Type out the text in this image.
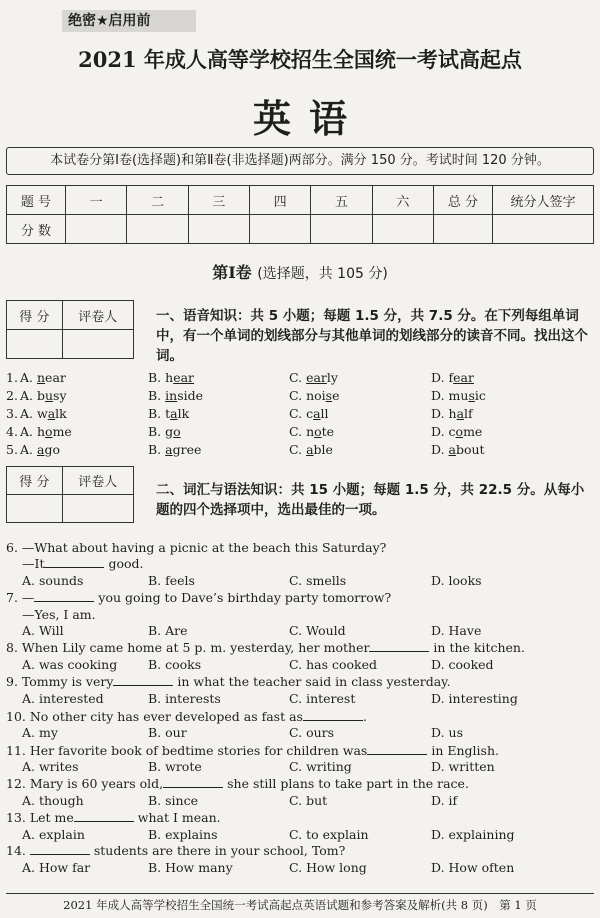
绝密★启用前
2021 年成人高等学校招生全国统一考试高起点
英语
本试卷分第Ⅰ卷(选择题)和第Ⅱ卷(非选择题)两部分。满分 150 分。考试时间 120 分钟。
题 号	一	二	三	四	五	六	总 分	统分人签字
分 数								
第Ⅰ卷 (选择题，共 105 分)
得 分	评卷人
		一、语音知识：共 5 小题；每题 1.5 分，共 7.5 分。在下列每组单词中，有一个单词的划线部分与其他单词的划线部分的读音不同。找出这个词。
1. A. near	B. hear	C. early	D. fear
2. A. busy	B. inside	C. noise	D. music
3. A. walk	B. talk	C. call	D. half
4. A. home	B. go	C. note	D. come
5. A. ago	B. agree	C. able	D. about
得 分	评卷人
		二、词汇与语法知识：共 15 小题；每题 1.5 分，共 22.5 分。从每小题的四个选择项中，选出最佳的一项。
6. —What about having a picnic at the beach this Saturday?
—It	good.
A. sounds	B. feels	C. smells	D. looks
7. —	you going to Dave’s birthday party tomorrow?
—Yes, I am.
A. Will	B. Are	C. Would	D. Have
8. When Lily came home at 5 p. m. yesterday, her mother	in the kitchen.
A. was cooking B. cooks	C. has cooked	D. cooked
9. Tommy is very	in what the teacher said in class yesterday.
A. interested	B. interests	C. interest	D. interesting
10. No other city has ever developed as fast as	.
A. my	B. our	C. ours	D. us
11. Her favorite book of bedtime stories for children was	in English.
A. writes	B. wrote	C. writing	D. written
12. Mary is 60 years old,	she still plans to take part in the race.
A. though	B. since	C. but	D. if
13. Let me	what I mean.
A. explain	B. explains	C. to explain	D. explaining
14.	students are there in your school, Tom?
A. How far	B. How many	C. How long	D. How often
2021 年成人高等学校招生全国统一考试高起点英语试题和参考答案及解析(共 8 页)　第 1 页
